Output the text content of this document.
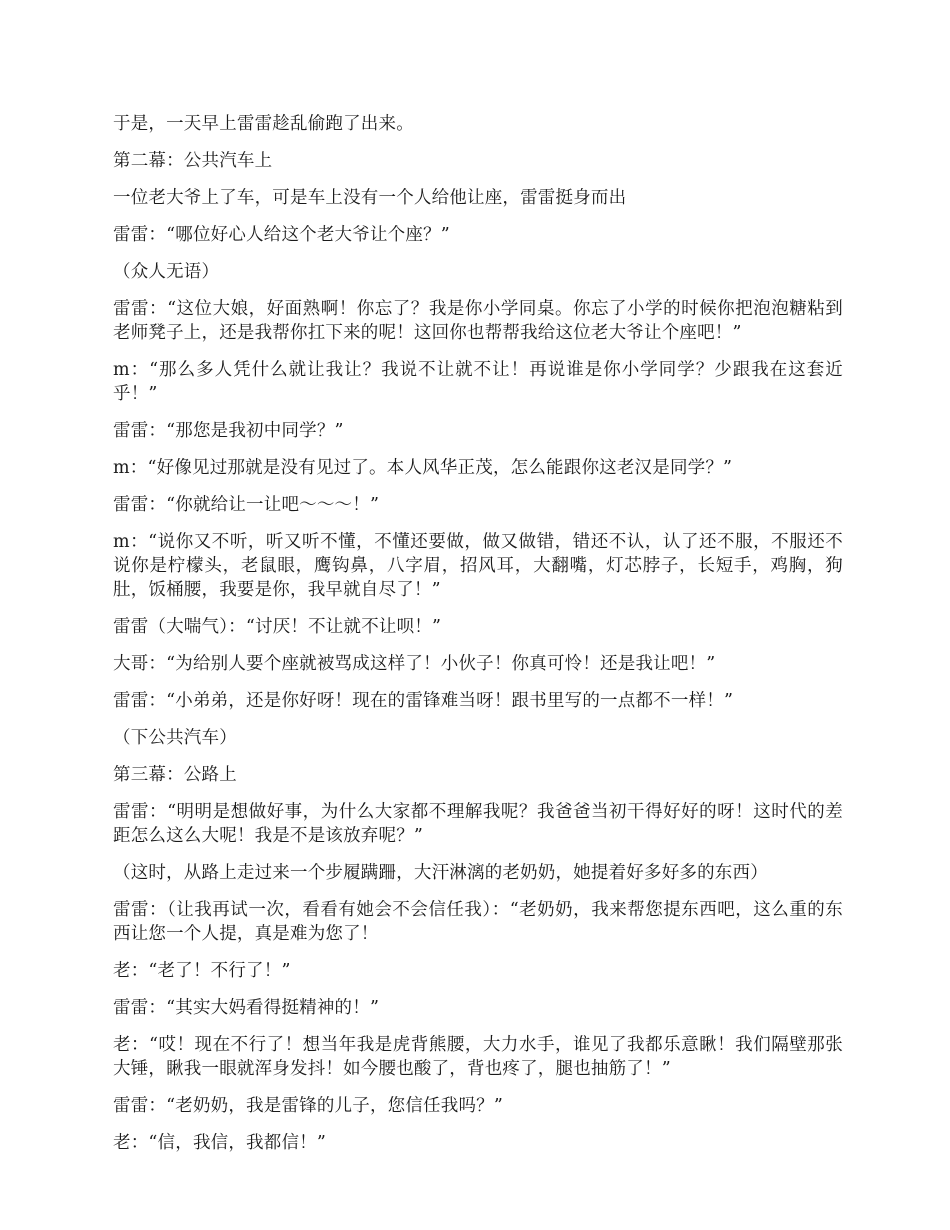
于是，一天早上雷雷趁乱偷跑了出来。

第二幕：公共汽车上

一位老大爷上了车，可是车上没有一个人给他让座，雷雷挺身而出

雷雷：“哪位好心人给这个老大爷让个座？”

（众人无语）

雷雷：“这位大娘，好面熟啊！你忘了？我是你小学同桌。你忘了小学的时候你把泡泡糖粘到老师凳子上，还是我帮你扛下来的呢！这回你也帮帮我给这位老大爷让个座吧！”

m：“那么多人凭什么就让我让？我说不让就不让！再说谁是你小学同学？少跟我在这套近乎！”

雷雷：“那您是我初中同学？”

m：“好像见过那就是没有见过了。本人风华正茂，怎么能跟你这老汉是同学？”

雷雷：“你就给让一让吧～～～！”

m：“说你又不听，听又听不懂，不懂还要做，做又做错，错还不认，认了还不服，不服还不说你是柠檬头，老鼠眼，鹰钩鼻，八字眉，招风耳，大翻嘴，灯芯脖子，长短手，鸡胸，狗肚，饭桶腰，我要是你，我早就自尽了！”

雷雷（大喘气）：“讨厌！不让就不让呗！”

大哥：“为给别人要个座就被骂成这样了！小伙子！你真可怜！还是我让吧！”

雷雷：“小弟弟，还是你好呀！现在的雷锋难当呀！跟书里写的一点都不一样！”

（下公共汽车）

第三幕：公路上

雷雷：“明明是想做好事，为什么大家都不理解我呢？我爸爸当初干得好好的呀！这时代的差距怎么这么大呢！我是不是该放弃呢？”

（这时，从路上走过来一个步履蹒跚，大汗淋漓的老奶奶，她提着好多好多的东西）

雷雷：（让我再试一次，看看有她会不会信任我）：“老奶奶，我来帮您提东西吧，这么重的东西让您一个人提，真是难为您了！

老：“老了！不行了！”

雷雷：“其实大妈看得挺精神的！”

老：“哎！现在不行了！想当年我是虎背熊腰，大力水手，谁见了我都乐意瞅！我们隔壁那张大锤，瞅我一眼就浑身发抖！如今腰也酸了，背也疼了，腿也抽筋了！”

雷雷：“老奶奶，我是雷锋的儿子，您信任我吗？”

老：“信，我信，我都信！”
